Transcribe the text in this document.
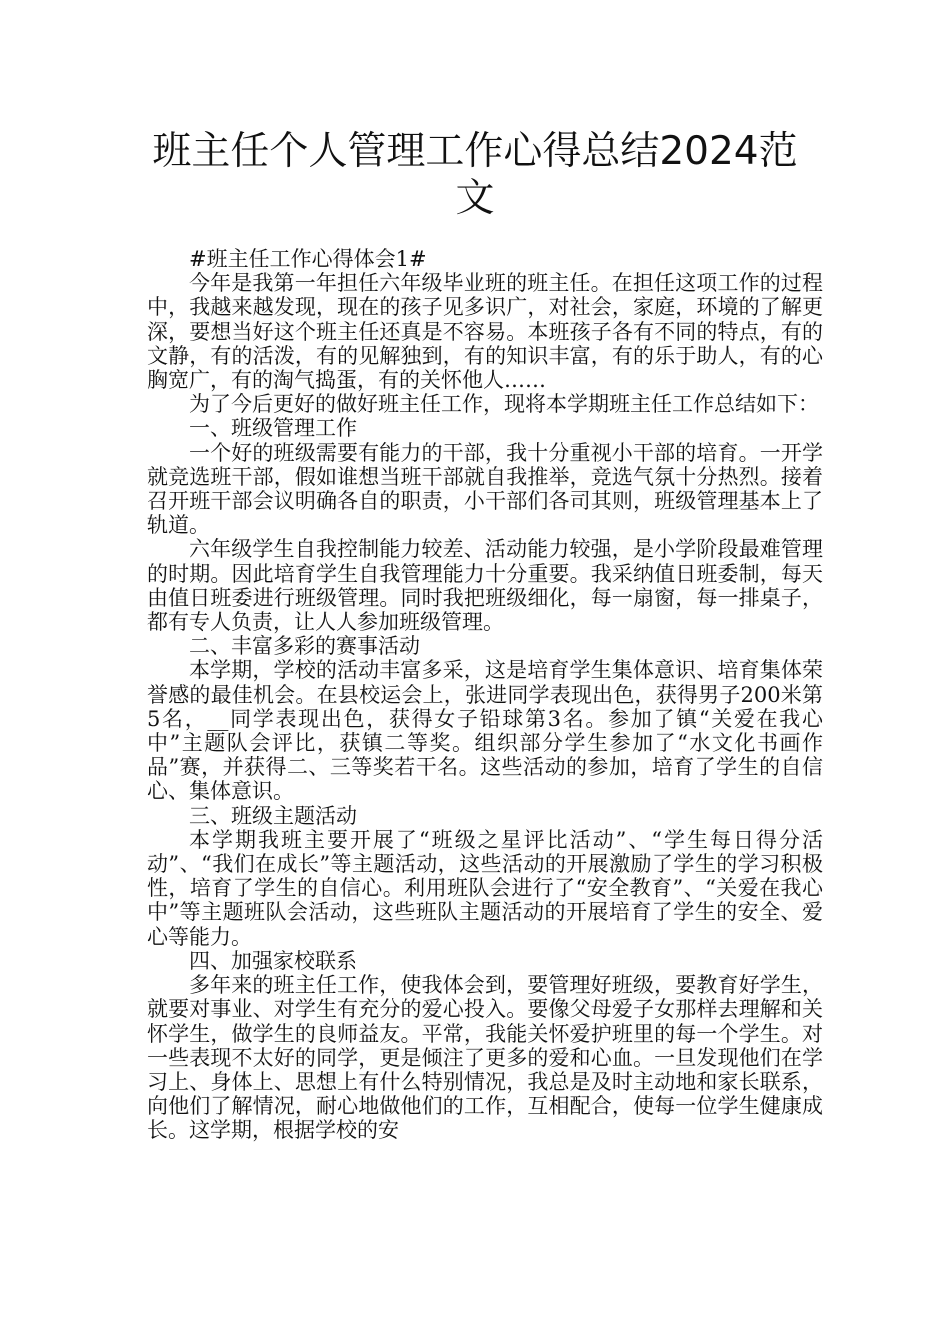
班主任个人管理工作心得总结2024范文

#班主任工作心得体会1#

今年是我第一年担任六年级毕业班的班主任。在担任这项工作的过程中，我越来越发现，现在的孩子见多识广，对社会，家庭，环境的了解更深，要想当好这个班主任还真是不容易。本班孩子各有不同的特点，有的文静，有的活泼，有的见解独到，有的知识丰富，有的乐于助人，有的心胸宽广，有的淘气捣蛋，有的关怀他人……

为了今后更好的做好班主任工作，现将本学期班主任工作总结如下：

一、班级管理工作

一个好的班级需要有能力的干部，我十分重视小干部的培育。一开学就竞选班干部，假如谁想当班干部就自我推举，竞选气氛十分热烈。接着召开班干部会议明确各自的职责，小干部们各司其则，班级管理基本上了轨道。

六年级学生自我控制能力较差、活动能力较强，是小学阶段最难管理的时期。因此培育学生自我管理能力十分重要。我采纳值日班委制，每天由值日班委进行班级管理。同时我把班级细化，每一扇窗，每一排桌子，都有专人负责，让人人参加班级管理。

二、丰富多彩的赛事活动

本学期，学校的活动丰富多采，这是培育学生集体意识、培育集体荣誉感的最佳机会。在县校运会上，张进同学表现出色，获得男子200米第5名，__同学表现出色，获得女子铅球第3名。参加了镇“关爱在我心中”主题队会评比，获镇二等奖。组织部分学生参加了“水文化书画作品”赛，并获得二、三等奖若干名。这些活动的参加，培育了学生的自信心、集体意识。

三、班级主题活动

本学期我班主要开展了“班级之星评比活动”、“学生每日得分活动”、“我们在成长”等主题活动，这些活动的开展激励了学生的学习积极性，培育了学生的自信心。利用班队会进行了“安全教育”、“关爱在我心中”等主题班队会活动，这些班队主题活动的开展培育了学生的安全、爱心等能力。

四、加强家校联系

多年来的班主任工作，使我体会到，要管理好班级，要教育好学生，就要对事业、对学生有充分的爱心投入。要像父母爱子女那样去理解和关怀学生，做学生的良师益友。平常，我能关怀爱护班里的每一个学生。对一些表现不太好的同学，更是倾注了更多的爱和心血。一旦发现他们在学习上、身体上、思想上有什么特别情况，我总是及时主动地和家长联系，向他们了解情况，耐心地做他们的工作，互相配合，使每一位学生健康成长。这学期，根据学校的安
